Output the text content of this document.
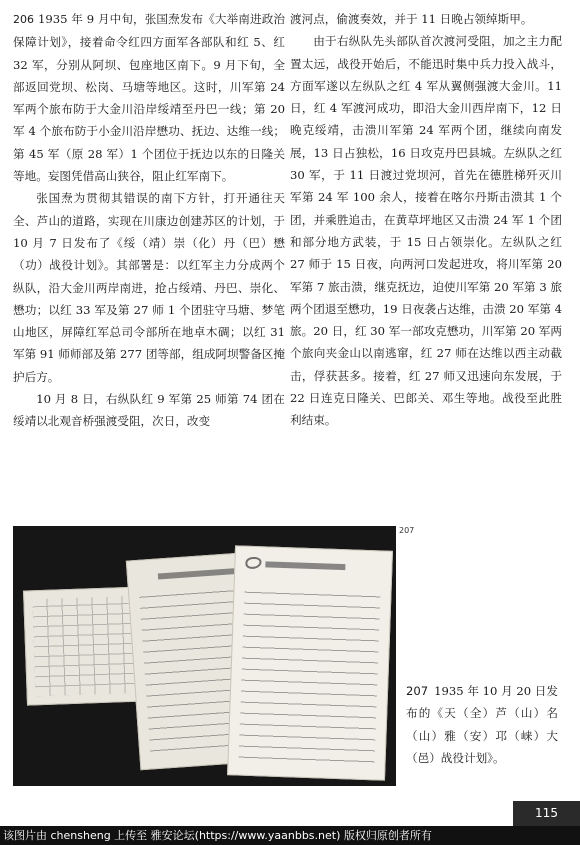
206 1935 年 9 月中旬，张国焘发布《大举南进政治保障计划》，接着命令红四方面军各部队和红 5、红 32 军，分别从阿坝、包座地区南下。9 月下旬，全部返回党坝、松岗、马塘等地区。这时，川军第 24 军两个旅布防于大金川沿岸绥靖至丹巴一线；第 20 军 4 个旅布防于小金川沿岸懋功、抚边、达维一线；第 45 军（原 28 军）1 个团位于抚边以东的日隆关等地。妄图凭借高山狭谷，阻止红军南下。

张国焘为贯彻其错误的南下方针，打开通往天全、芦山的道路，实现在川康边创建苏区的计划，于 10 月 7 日发布了《绥（靖）崇（化）丹（巴）懋（功）战役计划》。其部署是：以红军主力分成两个纵队，沿大金川两岸南进，抢占绥靖、丹巴、崇化、懋功；以红 33 军及第 27 师 1 个团驻守马塘、梦笔山地区，屏障红军总司令部所在地卓木碉；以红 31 军第 91 师师部及第 277 团等部，组成阿坝警备区掩护后方。

10 月 8 日，右纵队红 9 军第 25 师第 74 团在绥靖以北观音桥强渡受阻，次日，改变

渡河点，偷渡奏效，并于 11 日晚占领绰斯甲。

由于右纵队先头部队首次渡河受阻，加之主力配置太远，战役开始后，不能迅时集中兵力投入战斗，方面军遂以左纵队之红 4 军从翼侧强渡大金川。11 日，红 4 军渡河成功，即沿大金川西岸南下，12 日晚克绥靖，击溃川军第 24 军两个团，继续向南发展，13 日占独松，16 日攻克丹巴县城。左纵队之红 30 军，于 11 日渡过党坝河，首先在德胜梯歼灭川军第 24 军 100 余人，接着在喀尔丹斯击溃其 1 个团，并乘胜追击，在黄草坪地区又击溃 24 军 1 个团和部分地方武装，于 15 日占领崇化。左纵队之红 27 师于 15 日夜，向两河口发起进攻，将川军第 20 军第 7 旅击溃，继克抚边，迫使川军第 20 军第 3 旅两个团退至懋功，19 日夜袭占达维，击溃 20 军第 4 旅。20 日，红 30 军一部攻克懋功，川军第 20 军两个旅向夹金山以南逃窜，红 27 师在达维以西主动截击，俘获甚多。接着，红 27 师又迅速向东发展，于 22 日连克日隆关、巴郎关、邓生等地。战役至此胜利结束。

207
207 1935 年 10 月 20 日发布的《天（全）芦（山）名（山）雅（安）邛（崃）大（邑）战役计划》。
115
该图片由 chensheng 上传至 雅安论坛(https://www.yaanbbs.net) 版权归原创者所有
